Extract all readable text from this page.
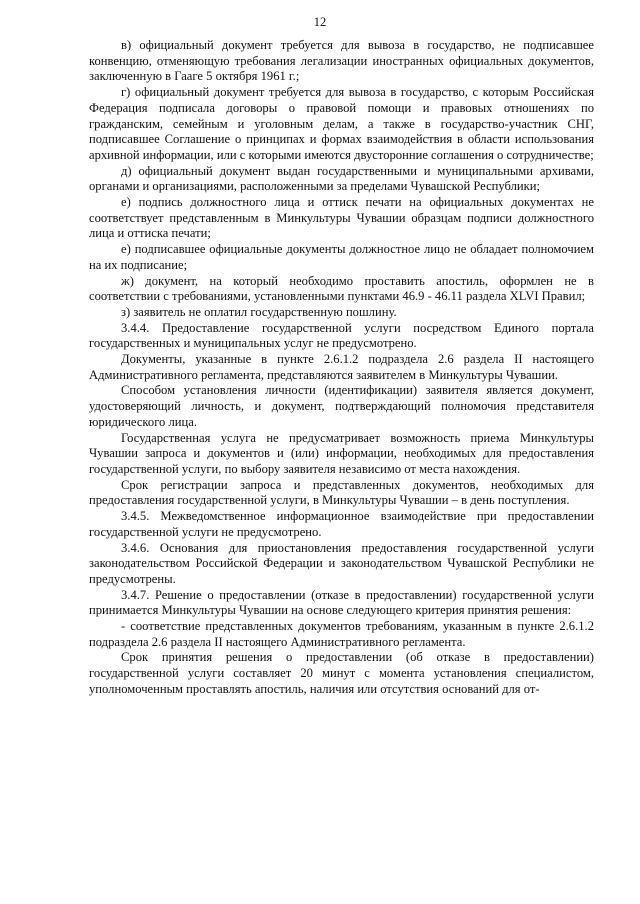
12

в) официальный документ требуется для вывоза в государство, не подписавшее конвенцию, отменяющую требования легализации иностранных официальных документов, заключенную в Гааге 5 октября 1961 г.;

г) официальный документ требуется для вывоза в государство, с которым Российская Федерация подписала договоры о правовой помощи и правовых отношениях по гражданским, семейным и уголовным делам, а также в государство-участник СНГ, подписавшее Соглашение о принципах и формах взаимодействия в области использования архивной информации, или с которыми имеются двусторонние соглашения о сотрудничестве;

д) официальный документ выдан государственными и муниципальными архивами, органами и организациями, расположенными за пределами Чувашской Республики;

е) подпись должностного лица и оттиск печати на официальных документах не соответствует представленным в Минкультуры Чувашии образцам подписи должностного лица и оттиска печати;

е) подписавшее официальные документы должностное лицо не обладает полномочием на их подписание;

ж) документ, на который необходимо проставить апостиль, оформлен не в соответствии с требованиями, установленными пунктами 46.9 - 46.11 раздела XLVI Правил;

з) заявитель не оплатил государственную пошлину.

3.4.4. Предоставление государственной услуги посредством Единого портала государственных и муниципальных услуг не предусмотрено.

Документы, указанные в пункте 2.6.1.2 подраздела 2.6 раздела II настоящего Административного регламента, представляются заявителем в Минкультуры Чувашии.

Способом установления личности (идентификации) заявителя является документ, удостоверяющий личность, и документ, подтверждающий полномочия представителя юридического лица.

Государственная услуга не предусматривает возможность приема Минкультуры Чувашии запроса и документов и (или) информации, необходимых для предоставления государственной услуги, по выбору заявителя независимо от места нахождения.

Срок регистрации запроса и представленных документов, необходимых для предоставления государственной услуги, в Минкультуры Чувашии – в день поступления.

3.4.5. Межведомственное информационное взаимодействие при предоставлении государственной услуги не предусмотрено.

3.4.6. Основания для приостановления предоставления государственной услуги законодательством Российской Федерации и законодательством Чувашской Республики не предусмотрены.

3.4.7. Решение о предоставлении (отказе в предоставлении) государственной услуги принимается Минкультуры Чувашии на основе следующего критерия принятия решения:

- соответствие представленных документов требованиям, указанным в пункте 2.6.1.2 подраздела 2.6 раздела II настоящего Административного регламента.

Срок принятия решения о предоставлении (об отказе в предоставлении) государственной услуги составляет 20 минут с момента установления специалистом, уполномоченным проставлять апостиль, наличия или отсутствия оснований для от-
